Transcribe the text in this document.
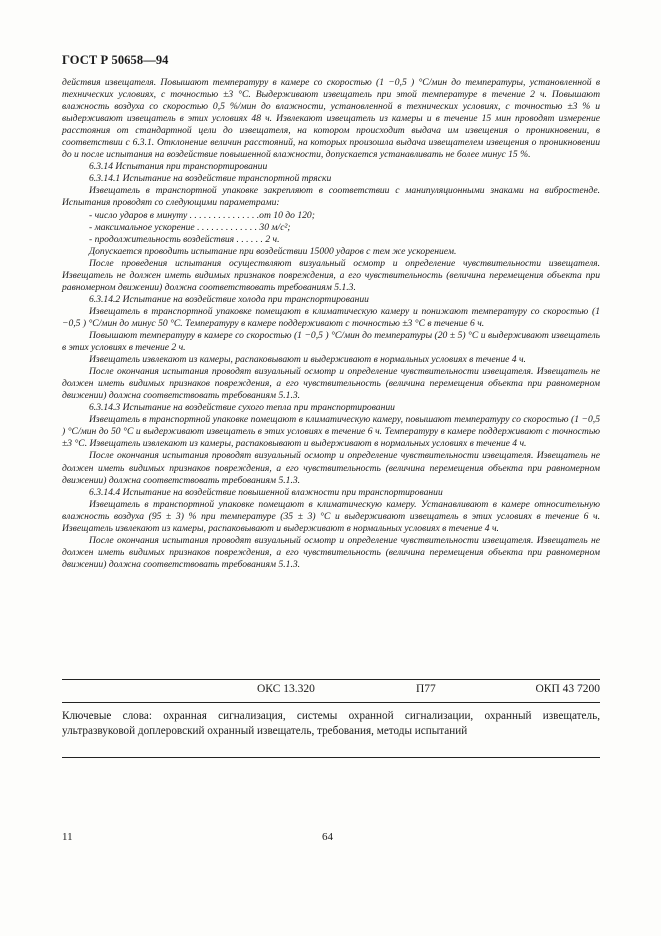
ГОСТ Р 50658—94

действия извещателя. Повышают температуру в камере со скоростью (1 −0,5 ) °С/мин до температуры, установленной в технических условиях, с точностью ±3 °С. Выдерживают извещатель при этой температуре в течение 2 ч. Повышают влажность воздуха со скоростью 0,5 %/мин до влажности, установленной в технических условиях, с точностью ±3 % и выдерживают извещатель в этих условиях 48 ч. Извлекают извещатель из камеры и в течение 15 мин проводят измерение расстояния от стандартной цели до извещателя, на котором происходит выдача им извещения о проникновении, в соответствии с 6.3.1. Отклонение величин расстояний, на которых произошла выдача извещателем извещения о проникновении до и после испытания на воздействие повышенной влажности, допускается устанавливать не более минус 15 %.

6.3.14 Испытания при транспортировании

6.3.14.1 Испытание на воздействие транспортной тряски

Извещатель в транспортной упаковке закрепляют в соответствии с манипуляционными знаками на вибростенде. Испытания проводят со следующими параметрами:

- число ударов в минуту . . . . . . . . . . . . . . .от 10 до 120;

- максимальное ускорение . . . . . . . . . . . . . 30 м/с²;

- продолжительность воздействия . . . . . . 2 ч.

Допускается проводить испытание при воздействии 15000 ударов с тем же ускорением.

После проведения испытания осуществляют визуальный осмотр и определение чувствительности извещателя. Извещатель не должен иметь видимых признаков повреждения, а его чувствительность (величина перемещения объекта при равномерном движении) должна соответствовать требованиям 5.1.3.

6.3.14.2 Испытание на воздействие холода при транспортировании

Извещатель в транспортной упаковке помещают в климатическую камеру и понижают температуру со скоростью (1 −0,5 ) °С/мин до минус 50 °С. Температуру в камере поддерживают с точностью ±3 °С в течение 6 ч.

Повышают температуру в камере со скоростью (1 −0,5 ) °С/мин до температуры (20 ± 5) °С и выдерживают извещатель в этих условиях в течение 2 ч.

Извещатель извлекают из камеры, распаковывают и выдерживают в нормальных условиях в течение 4 ч.

После окончания испытания проводят визуальный осмотр и определение чувствительности извещателя. Извещатель не должен иметь видимых признаков повреждения, а его чувствительность (величина перемещения объекта при равномерном движении) должна соответствовать требованиям 5.1.3.

6.3.14.3 Испытание на воздействие сухого тепла при транспортировании

Извещатель в транспортной упаковке помещают в климатическую камеру, повышают температуру со скоростью (1 −0,5 ) °С/мин до 50 °С и выдерживают извещатель в этих условиях в течение 6 ч. Температуру в камере поддерживают с точностью ±3 °С. Извещатель извлекают из камеры, распаковывают и выдерживают в нормальных условиях в течение 4 ч.

После окончания испытания проводят визуальный осмотр и определение чувствительности извещателя. Извещатель не должен иметь видимых признаков повреждения, а его чувствительность (величина перемещения объекта при равномерном движении) должна соответствовать требованиям 5.1.3.

6.3.14.4 Испытание на воздействие повышенной влажности при транспортировании

Извещатель в транспортной упаковке помещают в климатическую камеру. Устанавливают в камере относительную влажность воздуха (95 ± 3) % при температуре (35 ± 3) °С и выдерживают извещатель в этих условиях в течение 6 ч. Извещатель извлекают из камеры, распаковывают и выдерживают в нормальных условиях в течение 4 ч.

После окончания испытания проводят визуальный осмотр и определение чувствительности извещателя. Извещатель не должен иметь видимых признаков повреждения, а его чувствительность (величина перемещения объекта при равномерном движении) должна соответствовать требованиям 5.1.3.

ОКС 13.320	П77	ОКП 43 7200
Ключевые слова: охранная сигнализация, системы охранной сигнализации, охранный извещатель, ультразвуковой доплеровский охранный извещатель, требования, методы испытаний
11	64
